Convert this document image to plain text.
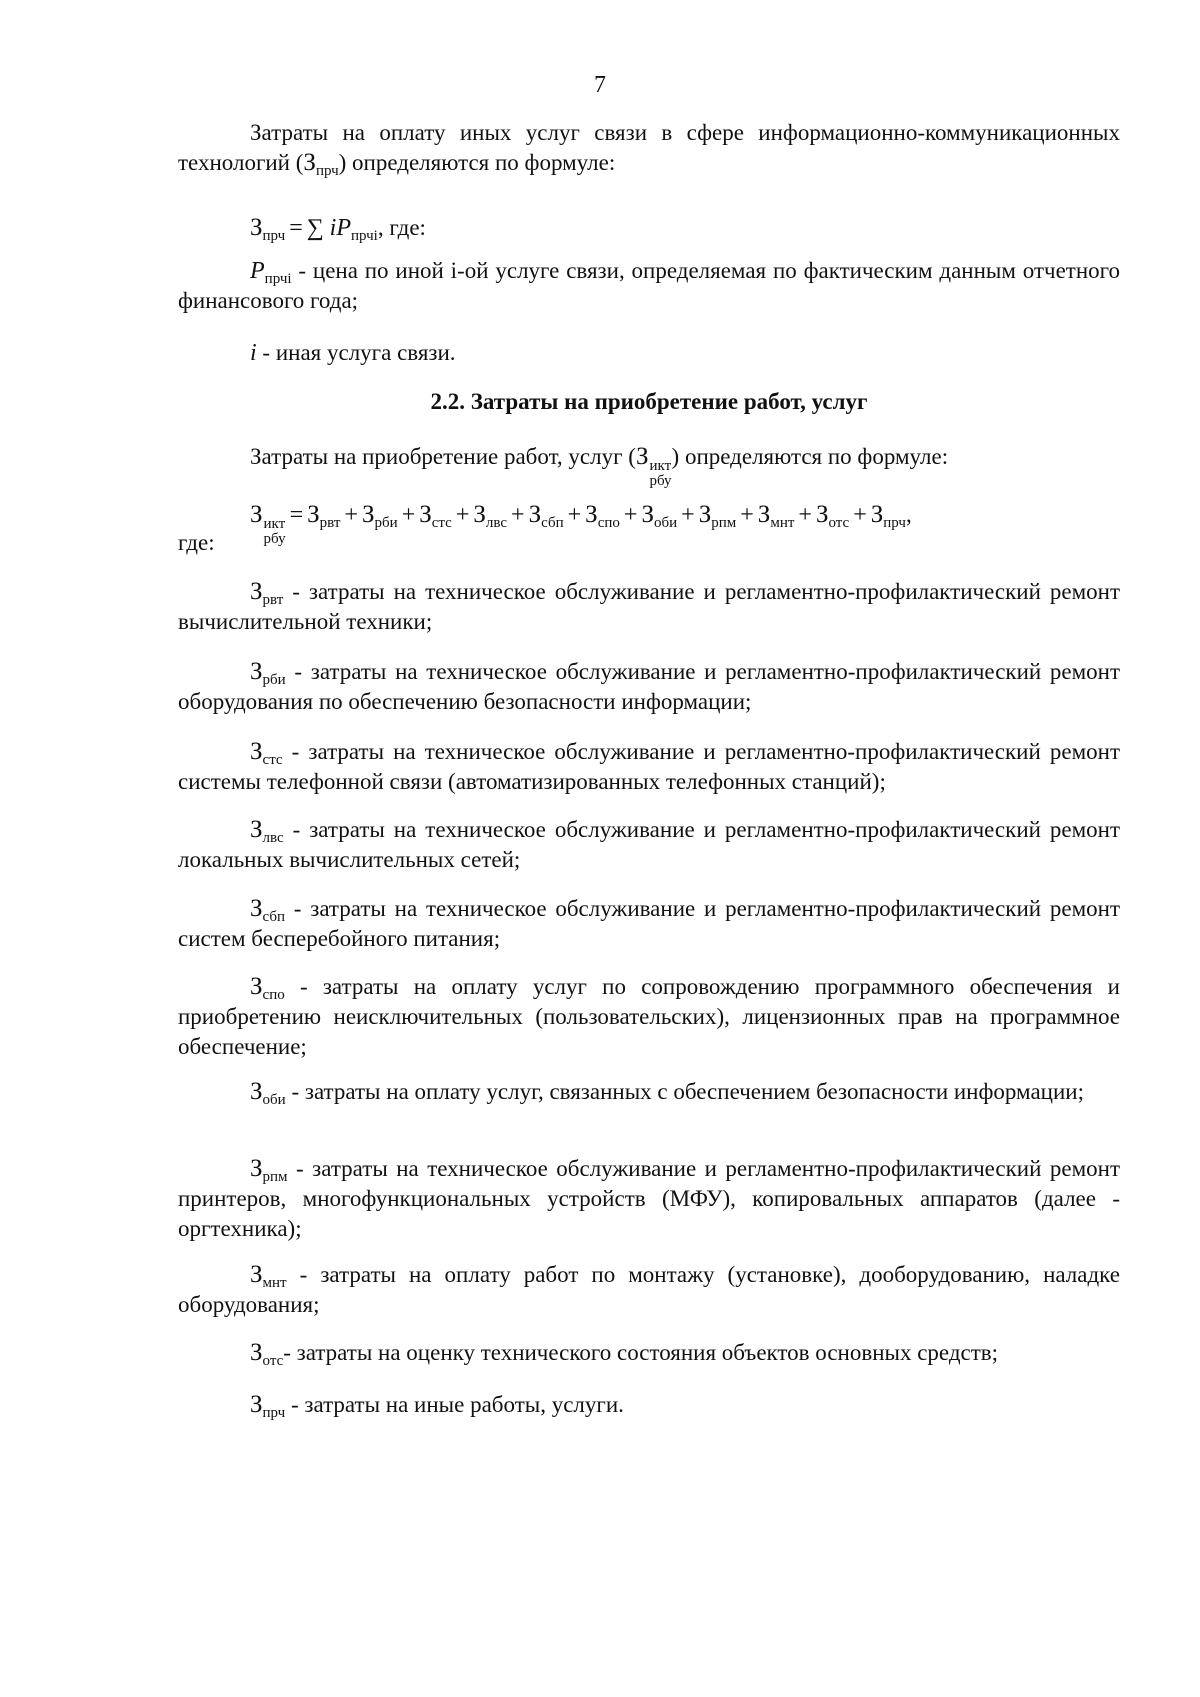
7
Затраты на оплату иных услуг связи в сфере информационно-коммуникационных технологий $(З_{прч})$ определяются по формуле:
$З_{прч}$ = ∑ $iP_{прчi}$, где:
$P_{прчi}$ - цена по иной i-ой услуге связи, определяемая по фактическим данным отчетного финансового года;
i - иная услуга связи.
2.2. Затраты на приобретение работ, услуг
Затраты на приобретение работ, услуг (З икт
рбу
) определяются по формуле:
З икт
рбу
= $З_{рвт} + З_{рби} + З_{стс} + З_{лвс} + З_{сбп} + З_{спо} + З_{оби} + З_{рпм} + З_{мнт} + З_{отс} + З_{прч}$,
где:
$З_{рвт}$ - затраты на техническое обслуживание и регламентно-профилактический ремонт вычислительной техники;
$З_{рби}$ - затраты на техническое обслуживание и регламентно-профилактический ремонт оборудования по обеспечению безопасности информации;
$З_{стс}$ - затраты на техническое обслуживание и регламентно-профилактический ремонт системы телефонной связи (автоматизированных телефонных станций);
$З_{лвс}$ - затраты на техническое обслуживание и регламентно-профилактический ремонт локальных вычислительных сетей;
$З_{сбп}$ - затраты на техническое обслуживание и регламентно-профилактический ремонт систем бесперебойного питания;
$З_{спо}$ - затраты на оплату услуг по сопровождению программного обеспечения и приобретению неисключительных (пользовательских), лицензионных прав на программное обеспечение;
$З_{оби}$ - затраты на оплату услуг, связанных с обеспечением безопасности информации;
$З_{рпм}$ - затраты на техническое обслуживание и регламентно-профилактический ремонт принтеров, многофункциональных устройств (МФУ), копировальных аппаратов (далее - оргтехника);
$З_{мнт}$ - затраты на оплату работ по монтажу (установке), дооборудованию, наладке оборудования;
$З_{отс}-$ затраты на оценку технического состояния объектов основных средств;
$З_{прч}$ - затраты на иные работы, услуги.
